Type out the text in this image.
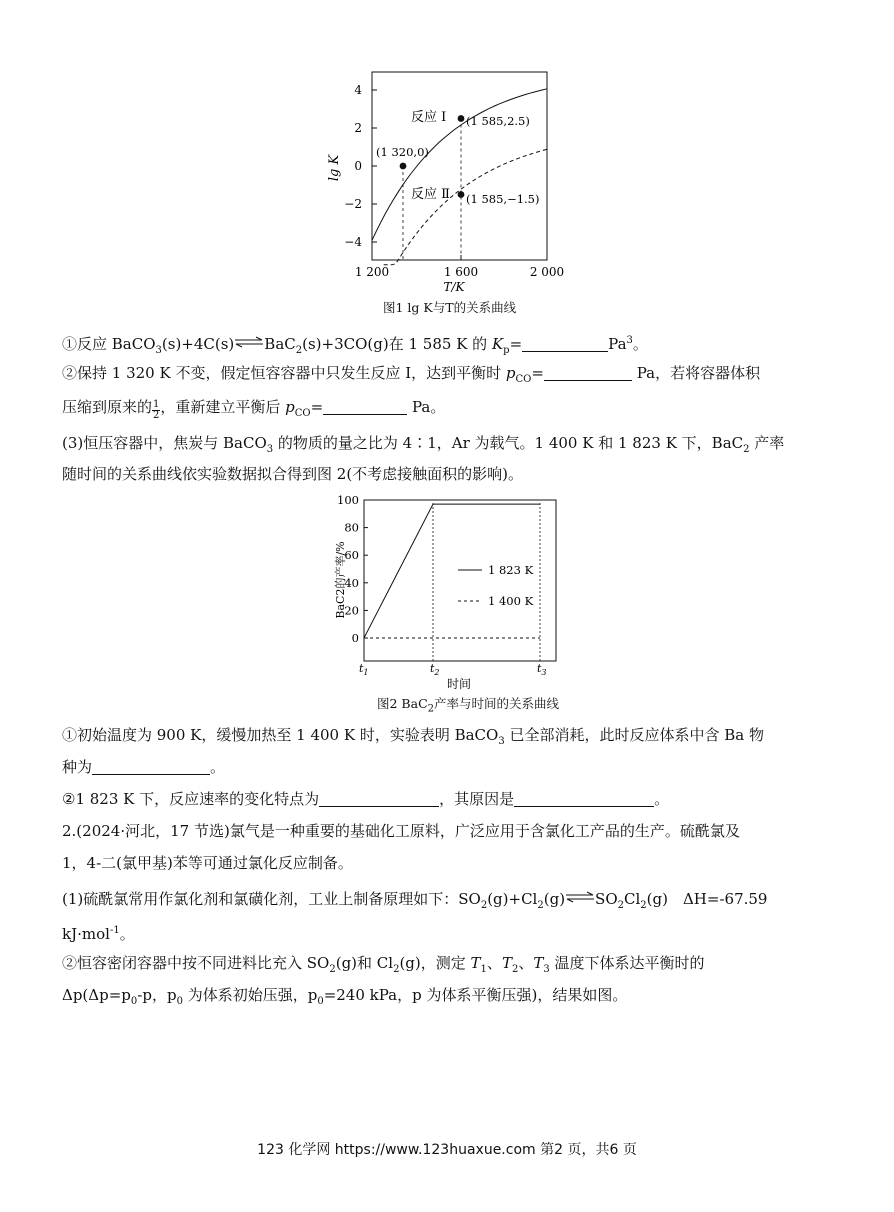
4
2
0
−2
−4
1 200	1 600	2 000
lg K
T/K
反应 Ⅰ
反应 Ⅱ
(1 585,2.5)
(1 320,0)
(1 585,−1.5)
图1 lg K与T的关系曲线
①反应 BaCO$_3$(s)+4C(s)⇌BaC$_2$(s)+3CO(g)在 1 585 K 的 $K_p=$	$Pa^3$。
②保持 1 320 K 不变，假定恒容容器中只发生反应 Ⅰ，达到平衡时 $p_{CO}=$	Pa，若将容器体积
压缩到原来的 $\frac{1}{2}$ ，重新建立平衡后 $p_{CO}=$	Pa。
(3)恒压容器中，焦炭与 BaCO$_3$ 的物质的量之比为 4∶1，Ar 为载气。1 400 K 和 1 823 K 下，BaC$_2$ 产率
随时间的关系曲线依实验数据拟合得到图 2(不考虑接触面积的影响)。
100
80
60
40
20
0
$t_1$	$t_2$	$t_3$
时间
BaC2的产率/%	1 823 K
1 400 K
图2 BaC$_2$产率与时间的关系曲线
①初始温度为 900 K，缓慢加热至 1 400 K 时，实验表明 BaCO$_3$ 已全部消耗，此时反应体系中含 Ba 物
种为	。
②1 823 K 下，反应速率的变化特点为	，其原因是	。
2.(2024·河北，17 节选)氯气是一种重要的基础化工原料，广泛应用于含氯化工产品的生产。硫酰氯及
1，4-二(氯甲基)苯等可通过氯化反应制备。
(1)硫酰氯常用作氯化剂和氯磺化剂，工业上制备原理如下：$SO_2(g)+Cl_2(g)\rightleftharpoons SO_2Cl_2(g)$　ΔH=-67.59
kJ·mol$^{-1}$。
②恒容密闭容器中按不同进料比充入 $SO_2(g)$和 $Cl_2(g)$，测定 $T_1$、$T_2$、$T_3$ 温度下体系达平衡时的
$\Delta p(\Delta p=p_0-p$，$p_0$ 为体系初始压强，$p_0=240$ kPa，p 为体系平衡压强)，结果如图。
123 化学网 https://www.123huaxue.com 第2 页，共6 页
